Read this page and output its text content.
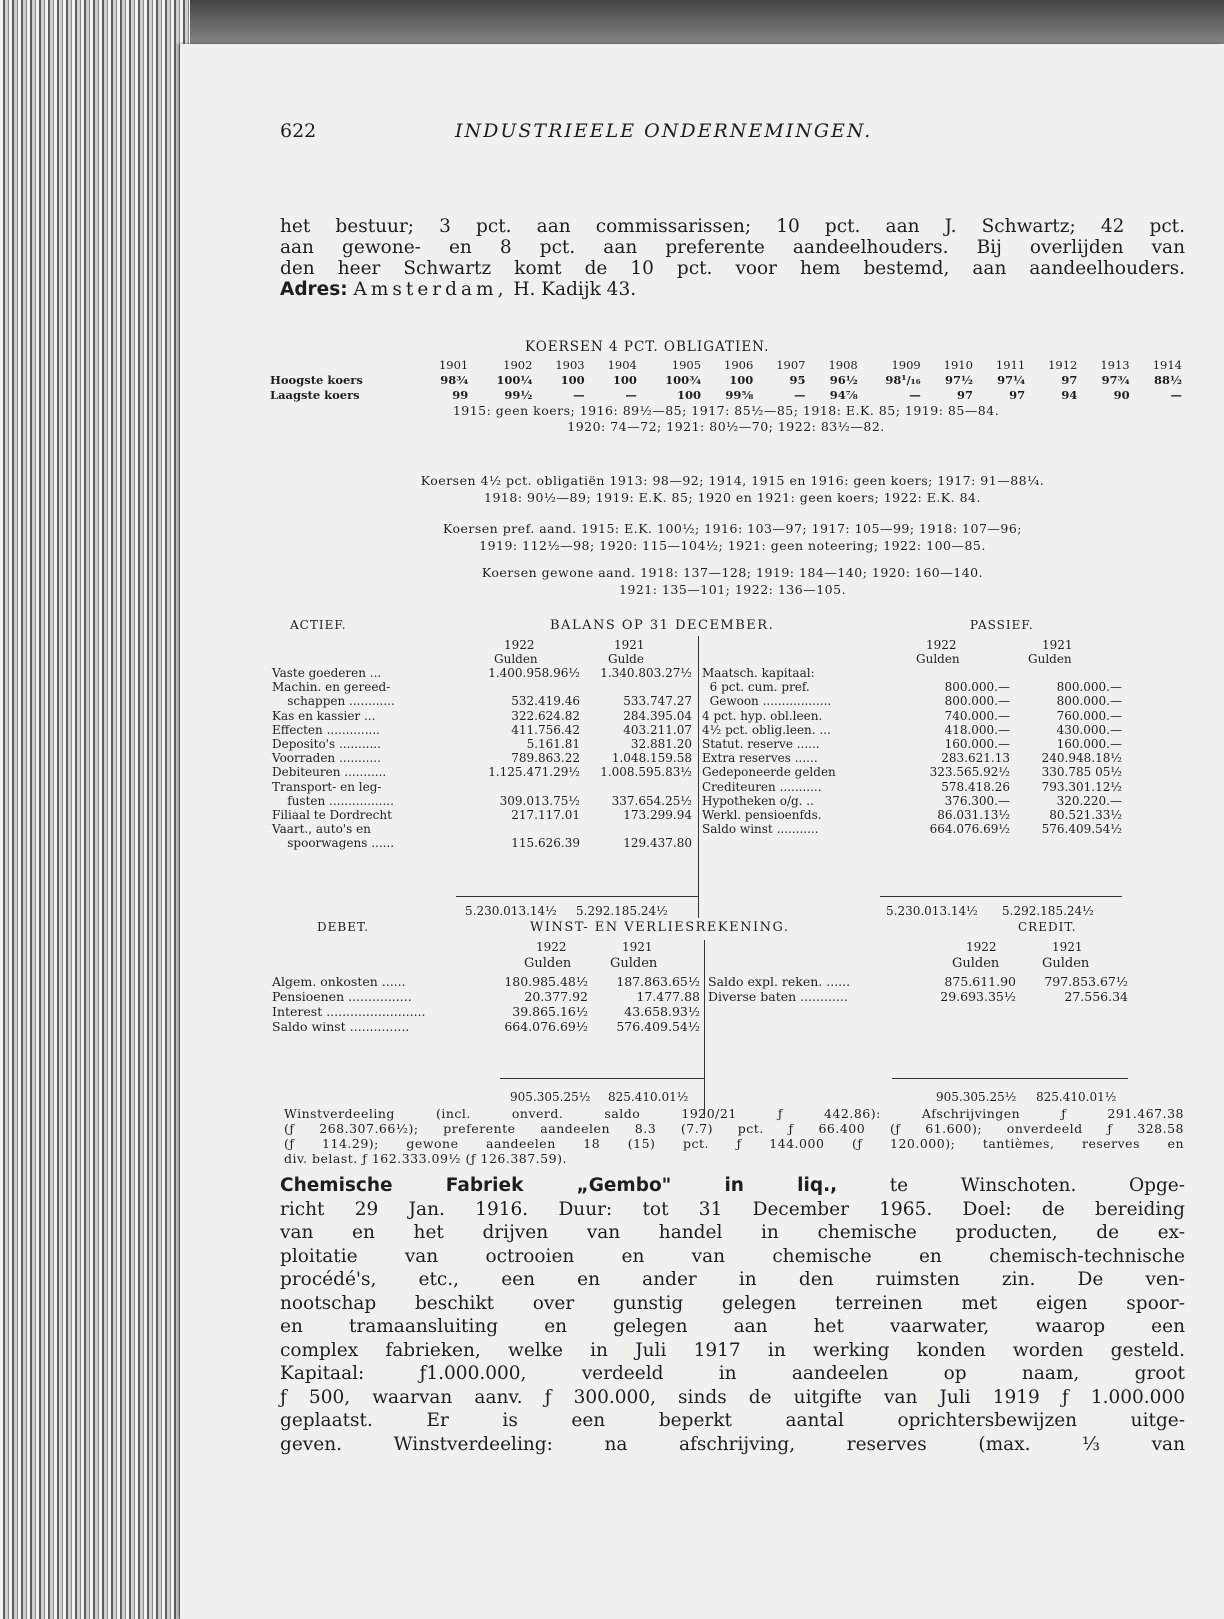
622	INDUSTRIEELE ONDERNEMINGEN.
het bestuur; 3 pct. aan commissarissen; 10 pct. aan J. Schwartz; 42 pct.
aan gewone- en 8 pct. aan preferente aandeelhouders. Bij overlijden van
den heer Schwartz komt de 10 pct. voor hem bestemd, aan aandeelhouders.
Adres: Amsterdam, H. Kadijk 43.
KOERSEN 4 PCT. OBLIGATIEN.
	1901	1902	1903	1904	1905	1906	1907	1908	1909	1910	1911	1912	1913	1914
Hoogste koers	98¾	100¼	100	100	100¾	100	95	96½	98¹/₁₆	97½	97¼	97	97¾	88½
Laagste koers	99	99½	—	—	100	99⅝	—	94⅞	—	97	97	94	90	—
1915: geen koers; 1916: 89½—85; 1917: 85½—85; 1918: E.K. 85; 1919: 85—84.
1920: 74—72; 1921: 80½—70; 1922: 83½—82.
Koersen 4½ pct. obligatiën 1913: 98—92; 1914, 1915 en 1916: geen koers; 1917: 91—88¼.
1918: 90½—89; 1919: E.K. 85; 1920 en 1921: geen koers; 1922: E.K. 84.
Koersen pref. aand. 1915: E.K. 100½; 1916: 103—97; 1917: 105—99; 1918: 107—96;
1919: 112½—98; 1920: 115—104½; 1921: geen noteering; 1922: 100—85.
Koersen gewone aand. 1918: 137—128; 1919: 184—140; 1920: 160—140.
1921: 135—101; 1922: 136—105.
ACTIEF.	BALANS OP 31 DECEMBER.	PASSIEF.
1922	1921
Gulden	Gulde
1922	1921
Gulden	Gulden
Vaste goederen ...	1.400.958.96½	1.340.803.27½
Machin. en gereed-		
schappen ............	532.419.46	533.747.27
Kas en kassier ...	322.624.82	284.395.04
Effecten ..............	411.756.42	403.211.07
Deposito's ...........	5.161.81	32.881.20
Voorraden ...........	789.863.22	1.048.159.58
Debiteuren ...........	1.125.471.29½	1.008.595.83½
Transport- en leg-		
fusten .................	309.013.75½	337.654.25½
Filiaal te Dordrecht	217.117.01	173.299.94
Vaart., auto's en		
spoorwagens ......	115.626.39	129.437.80
5.230.013.14½ 5.292.185.24½
Maatsch. kapitaal:		
6 pct. cum. pref.	800.000.—	800.000.—
Gewoon ..................	800.000.—	800.000.—
4 pct. hyp. obl.leen.	740.000.—	760.000.—
4½ pct. oblig.leen. ...	418.000.—	430.000.—
Statut. reserve ......	160.000.—	160.000.—
Extra reserves ......	283.621.13	240.948.18½
Gedeponeerde gelden	323.565.92½	330.785 05½
Crediteuren ...........	578.418.26	793.301.12½
Hypotheken o/g. ..	376.300.—	320.220.—
Werkl. pensioenfds.	86.031.13½	80.521.33½
Saldo winst ...........	664.076.69½	576.409.54½
5.230.013.14½ 5.292.185.24½
DEBET.	WINST- EN VERLIESREKENING.	CREDIT.
1922	1921
Gulden	Gulden
1922	1921
Gulden	Gulden
Algem. onkosten ......	180.985.48½	187.863.65½
Pensioenen ................	20.377.92	17.477.88
Interest .........................	39.865.16½	43.658.93½
Saldo winst ...............	664.076.69½	576.409.54½
905.305.25½ 825.410.01½
Saldo expl. reken. ......	875.611.90	797.853.67½
Diverse baten ............	29.693.35½	27.556.34
905.305.25½ 825.410.01½
Winstverdeeling (incl. onverd. saldo 1920/21 ƒ 442.86): Afschrijvingen ƒ 291.467.38
(ƒ 268.307.66½); preferente aandeelen 8.3 (7.7) pct. ƒ 66.400 (ƒ 61.600); onverdeeld ƒ 328.58
(ƒ 114.29); gewone aandeelen 18 (15) pct. ƒ 144.000 (ƒ 120.000); tantièmes, reserves en
div. belast. ƒ 162.333.09½ (ƒ 126.387.59).
Chemische Fabriek „Gembo" in liq., te Winschoten. Opge-
richt 29 Jan. 1916. Duur: tot 31 December 1965. Doel: de bereiding
van en het drijven van handel in chemische producten, de ex-
ploitatie van octrooien en van chemische en chemisch-technische
procédé's, etc., een en ander in den ruimsten zin. De ven-
nootschap beschikt over gunstig gelegen terreinen met eigen spoor-
en tramaansluiting en gelegen aan het vaarwater, waarop een
complex fabrieken, welke in Juli 1917 in werking konden worden gesteld.
Kapitaal: ƒ1.000.000, verdeeld in aandeelen op naam, groot
ƒ 500, waarvan aanv. ƒ 300.000, sinds de uitgifte van Juli 1919 ƒ 1.000.000
geplaatst. Er is een beperkt aantal oprichtersbewijzen uitge-
geven. Winstverdeeling: na afschrijving, reserves (max. ⅓ van
